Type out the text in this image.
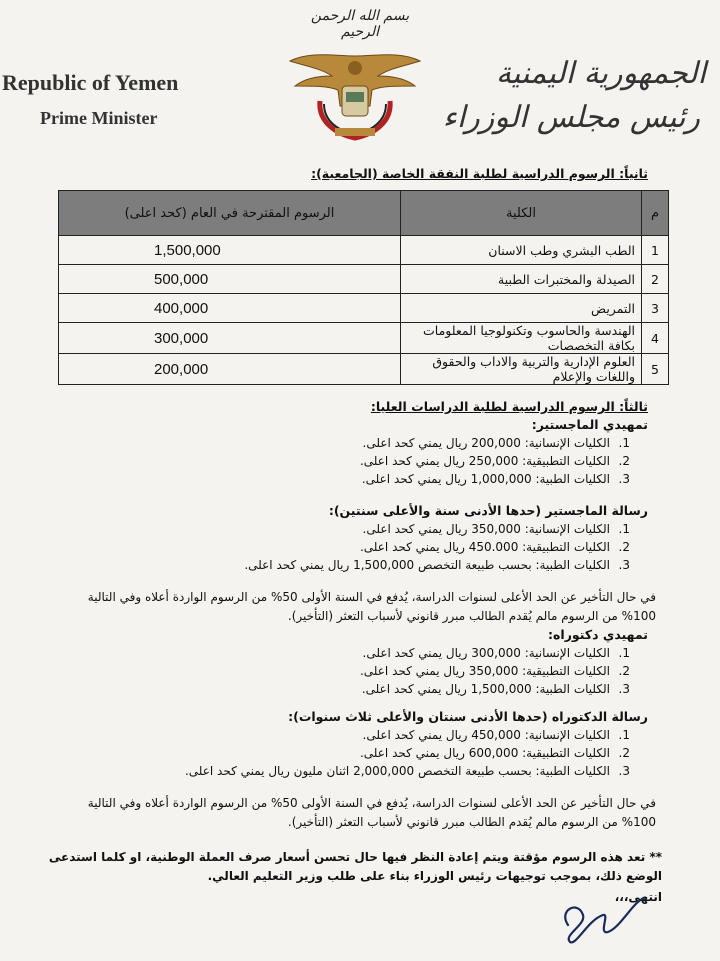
بسم الله الرحمن الرحيم
Republic of Yemen
Prime Minister
الجمهورية اليمنية
رئيس مجلس الوزراء
ثانياً: الرسوم الدراسية لطلبة النفقة الخاصة (الجامعية):
م	الكلية	الرسوم المقترحة في العام (كحد اعلى)
1	الطب البشري وطب الاسنان	1,500,000
2	الصيدلة والمختبرات الطبية	500,000
3	التمريض	400,000
4	الهندسة والحاسوب وتكنولوجيا المعلومات بكافة التخصصات	300,000
5	العلوم الإدارية والتربية والاداب والحقوق واللغات والإعلام	200,000
ثالثاً: الرسوم الدراسية لطلبة الدراسات العليا:
تمهيدي الماجستير:
1.الكليات الإنسانية: 200,000 ريال يمني كحد اعلى.
2.الكليات التطبيقية: 250,000 ريال يمني كحد اعلى.
3.الكليات الطبية: 1,000,000 ريال يمني كحد اعلى.
رسالة الماجستير (حدها الأدنى سنة والأعلى سنتين):
1.الكليات الإنسانية: 350,000 ريال يمني كحد اعلى.
2.الكليات التطبيقية: 450.000 ريال يمني كحد اعلى.
3.الكليات الطبية: بحسب طبيعة التخصص 1,500,000 ريال يمني كحد اعلى.
في حال التأخير عن الحد الأعلى لسنوات الدراسة، يُدفع في السنة الأولى 50% من الرسوم الواردة أعلاه وفي التالية 100% من الرسوم مالم يُقدم الطالب مبرر قانوني لأسباب التعثر (التأخير).
تمهيدي دكتوراه:
1.الكليات الإنسانية: 300,000 ريال يمني كحد اعلى.
2.الكليات التطبيقية: 350,000 ريال يمني كحد اعلى.
3.الكليات الطبية: 1,500,000 ريال يمني كحد اعلى.
رسالة الدكتوراه (حدها الأدنى سنتان والأعلى ثلاث سنوات):
1.الكليات الإنسانية: 450,000 ريال يمني كحد اعلى.
2.الكليات التطبيقية: 600,000 ريال يمني كحد اعلى.
3.الكليات الطبية: بحسب طبيعة التخصص 2,000,000 اثنان مليون ريال يمني كحد اعلى.
في حال التأخير عن الحد الأعلى لسنوات الدراسة، يُدفع في السنة الأولى 50% من الرسوم الواردة أعلاه وفي التالية 100% من الرسوم مالم يُقدم الطالب مبرر قانوني لأسباب التعثر (التأخير).
** تعد هذه الرسوم مؤقتة ويتم إعادة النظر فيها حال تحسن أسعار صرف العملة الوطنية، او كلما استدعى الوضع ذلك، بموجب توجيهات رئيس الوزراء بناء على طلب وزير التعليم العالي.
انتهى،،،
